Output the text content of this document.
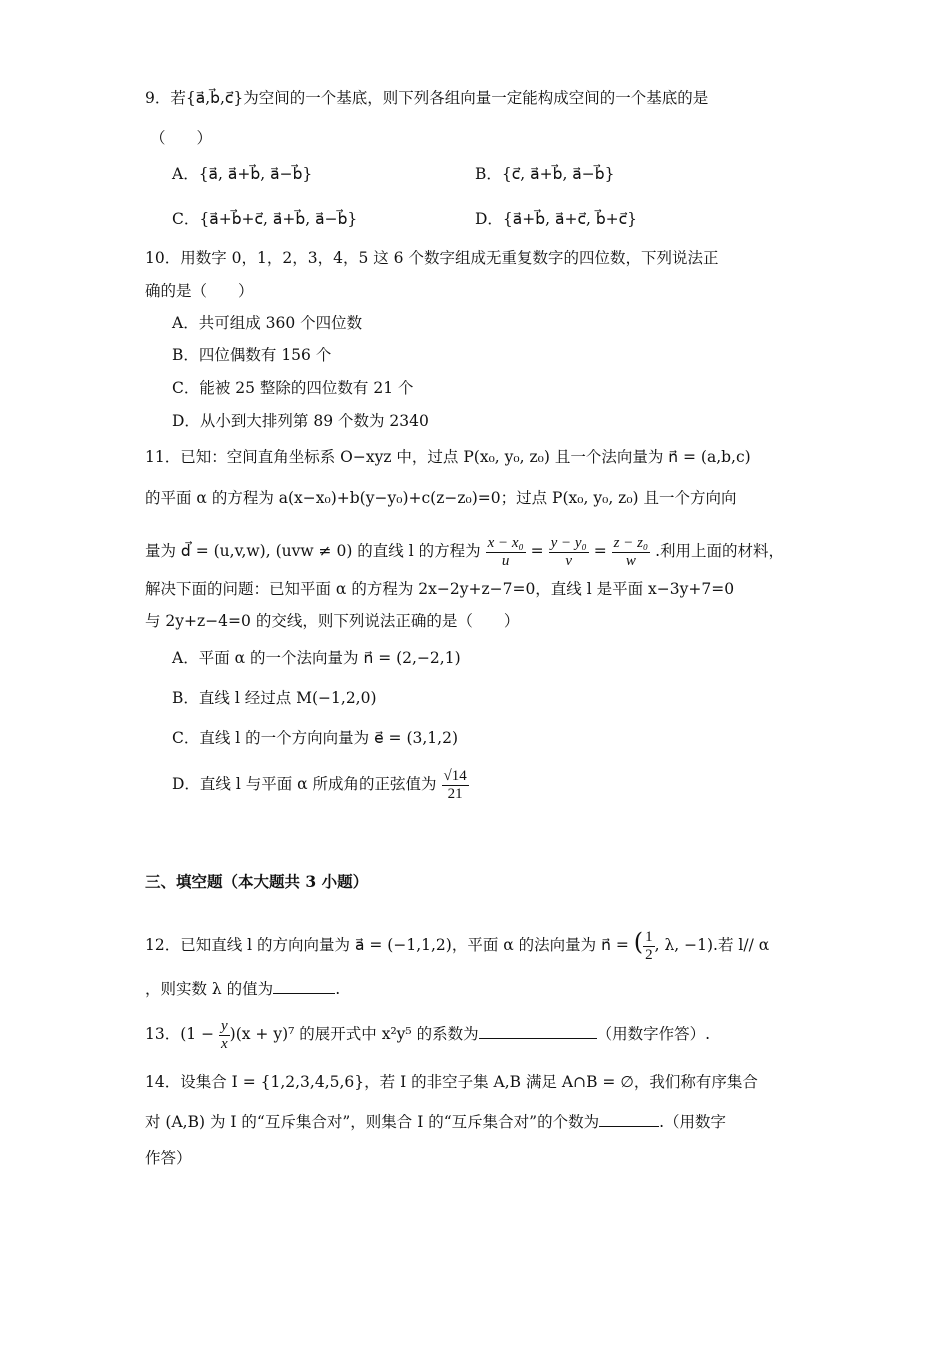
9．若{a⃗,b⃗,c⃗}为空间的一个基底，则下列各组向量一定能构成空间的一个基底的是
（　　）
A．{a⃗, a⃗+b⃗, a⃗−b⃗}	B．{c⃗, a⃗+b⃗, a⃗−b⃗}
C．{a⃗+b⃗+c⃗, a⃗+b⃗, a⃗−b⃗}	D．{a⃗+b⃗, a⃗+c⃗, b⃗+c⃗}
10．用数字 0，1，2，3，4，5 这 6 个数字组成无重复数字的四位数，下列说法正
确的是（　　）
A．共可组成 360 个四位数
B．四位偶数有 156 个
C．能被 25 整除的四位数有 21 个
D．从小到大排列第 89 个数为 2340
11．已知：空间直角坐标系 O−xyz 中，过点 P(x₀, y₀, z₀) 且一个法向量为 n⃗ = (a,b,c)
的平面 α 的方程为 a(x−x₀)+b(y−y₀)+c(z−z₀)=0；过点 P(x₀, y₀, z₀) 且一个方向向
量为 d⃗ = (u,v,w), (uvw ≠ 0) 的直线 l 的方程为 $\frac{\text{x − x₀}}{u} = \frac{\text{y − y₀}}{v} = \frac{\text{z − z₀}}{w}$ .利用上面的材料，
解决下面的问题：已知平面 α 的方程为 2x−2y+z−7=0，直线 l 是平面 x−3y+7=0
与 2y+z−4=0 的交线，则下列说法正确的是（　　）
A．平面 α 的一个法向量为 n⃗ = (2,−2,1)
B．直线 l 经过点 M(−1,2,0)
C．直线 l 的一个方向向量为 e⃗ = (3,1,2)
D．直线 l 与平面 α 所成角的正弦值为 $\frac{√14}{21}$
三、填空题（本大题共 3 小题）
12．已知直线 l 的方向向量为 a⃗ = (−1,1,2)，平面 α 的法向量为 n⃗ = ( $\frac{1}{2}$ , λ, −1).若 l// α
，则实数 λ 的值为	.
13．$(1 - \frac{y}{x} )(x + y)^7$ 的展开式中 x²y⁵ 的系数为	（用数字作答）.
14．设集合 I = {1,2,3,4,5,6}，若 I 的非空子集 A,B 满足 A∩B = ∅，我们称有序集合
对 (A,B) 为 I 的“互斥集合对”，则集合 I 的“互斥集合对”的个数为	.（用数字
作答）
